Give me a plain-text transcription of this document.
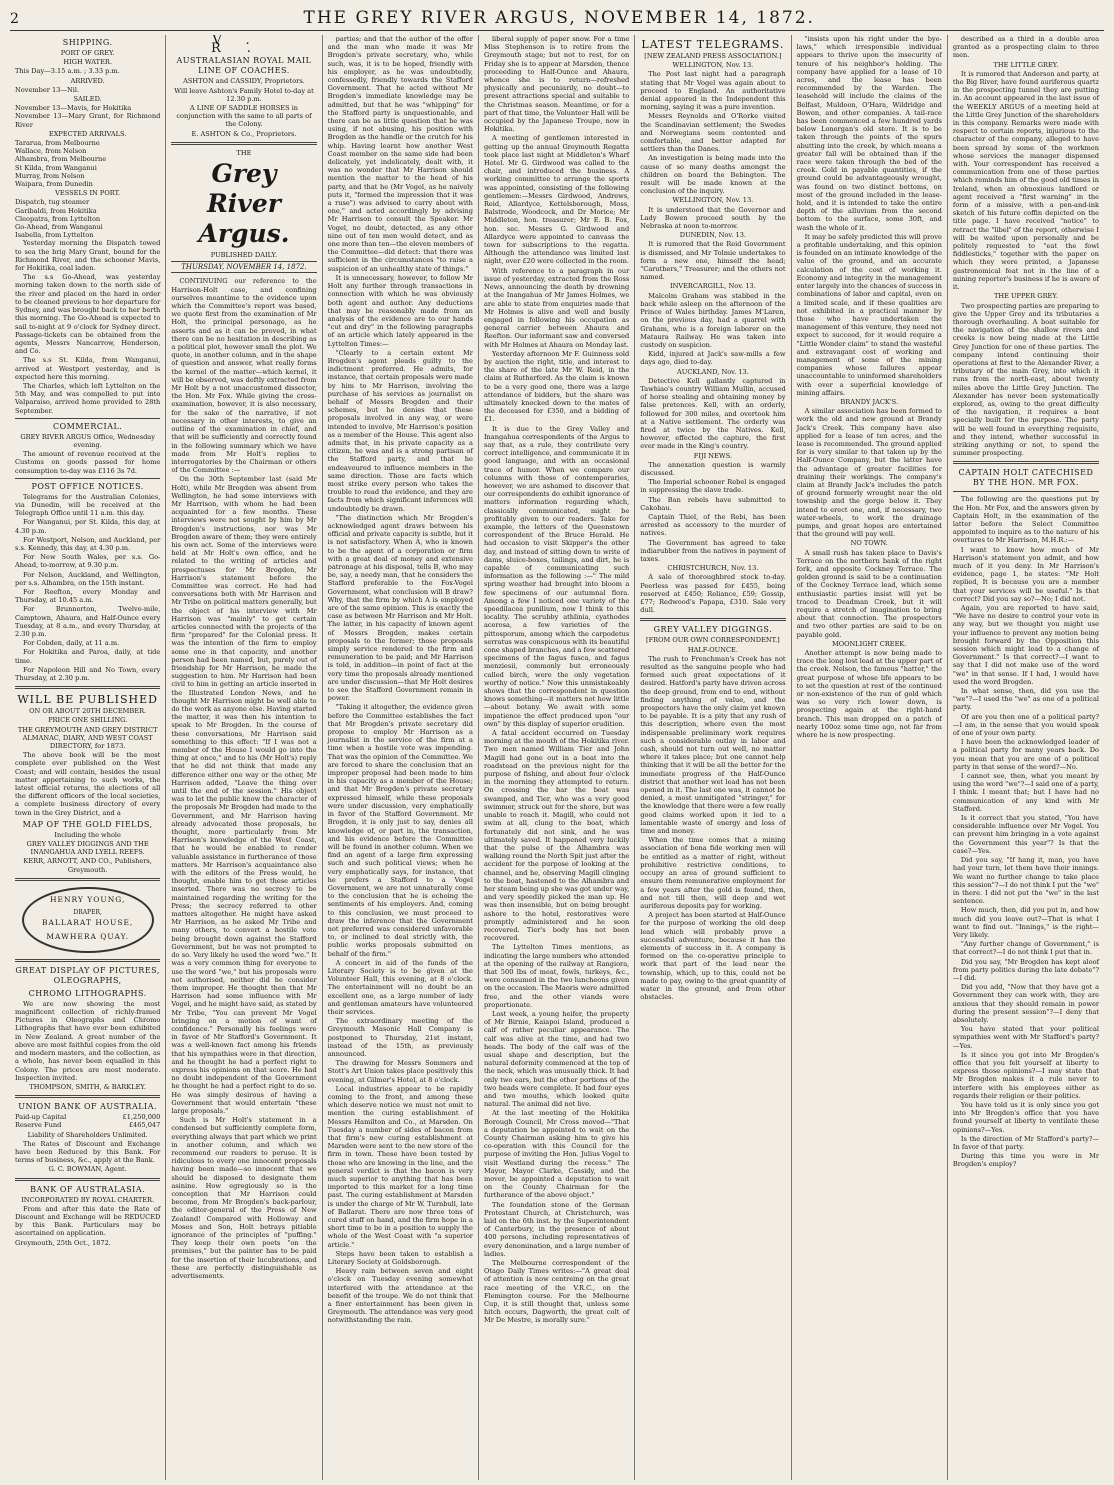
2	THE GREY RIVER ARGUS, NOVEMBER 14, 1872.

SHIPPING.
PORT OF GREY.
HIGH WATER.
This Day—3.15 a.m. ; 3.33 p.m.
ARRIVED.
November 13—Nil.
SAILED.
November 13—Mavis, for Hokitika
November 13—Mary Grant, for Richmond River
EXPECTED ARRIVALS.
Tararua, from Melbourne
Wallace, from Nelson
Alhambra, from Melbourne
St Kilda, from Wanganui
Murray, from Nelson
Waipara, from Dunedin
VESSELS IN PORT.
Dispatch, tug steamer
Garibaldi, from Hokitika
Cleopatra, from Lyttelton
Go-Ahead, from Wanganui
Isabella, from Lyttelton

Yesterday morning the Dispatch towed to sea the brig Mary Grant, bound for the Richmond River, and the schooner Mavis, for Hokitika, coal laden.

The s.s Go-Ahead, was yesterday morning taken down to the north side of the river and placed on the hard in order to be cleaned previous to her departure for Sydney, and was brought back to her berth this morning. The Go-Ahead is expected to sail to-night at 9 o'clock for Sydney direct. Passage-tickets can be obtained from the agents, Messrs Nancarrow, Henderson, and Co.

The s.s St. Kilda, from Wanganui, arrived at Westport yesterday, and is expected here this morning.

The Charles, which left Lyttelton on the 5th May, and was compelled to put into Valparaiso, arrived home provided to 28th September.

COMMERCIAL.
GREY RIVER ARGUS Office, Wednesday evening.

The amount of revenue received at the Customs on goods passed for home consumption to-day was £116 3s 7d.

POST OFFICE NOTICES.

Telegrams for the Australian Colonies, via Dunedin, will be received at the Telegraph Office until 11 a.m. this day.

For Wanganui, per St. Kilda, this day, at 4.30 p.m.

For Westport, Nelson, and Auckland, per s.s. Kennedy, this day, at 4.30 p.m.

For New South Wales, per s.s. Go-Ahead, to-morrow, at 9.30 p.m.

For Nelson, Auckland, and Wellington, per s.s. Alhambra, on the 15th instant.

For Reefton, every Monday and Thursday, at 10.45 a.m.

For Brunnerton, Twelve-mile, Camptown, Ahaura, and Half-Ounce every Tuesday, at 8 a.m., and every Thursday, at 2.30 p.m.

For Cobden, daily, at 11 a.m.

For Hokitika and Paroa, daily, at tide time.

For Napoleon Hill and No Town, every Thursday, at 2.30 p.m.

WILL BE PUBLISHED
ON OR ABOUT 20TH DECEMBER.
PRICE ONE SHILLING.
THE GREYMOUTH AND GREY DISTRICT ALMANAC, DIARY, AND WEST COAST DIRECTORY, for 1873.

The above book will be the most complete ever published on the West Coast; and will contain, besides the usual matter appertaining to such works, the latest official returns, the elections of all the different officers of the local societies, a complete business directory of every town in the Grey District, and a

MAP OF THE GOLD FIELDS,
Including the whole
GREY VALLEY DIGGINGS AND THE INANGAHUA AND LYELL REEFS.
KERR, ARNOTT, AND CO., Publishers, Greymouth.
HENRY YOUNG,
DRAPER,
BALLARAT HOUSE,
MAWHERA QUAY.
GREAT DISPLAY OF PICTURES, OLEOGRAPHS,
CHROMO LITHOGRAPHS.

We are now showing the most magnificent collection of richly-framed Pictures in Oleographs and Chromo Lithographs that have ever been exhibited in New Zealand. A great number of the above are most faithful copies from the old and modern masters, and the collection, as a whole, has never been equalled in this Colony. The prices are most moderate. Inspection invited.

THOMPSON, SMITH, & BARKLEY.
UNION BANK OF AUSTRALIA.
Paid-up Capital	£1,250,000
Reserve Fund	£465,047
Liability of Shareholders Unlimited.

The Rates of Discount and Exchange have been Reduced by this Bank. For terms of business, &c., apply at the Bank.

G. C. BOWMAN, Agent.
BANK OF AUSTRALASIA.
INCORPORATED BY ROYAL CHARTER.

From and after this date the Rate of Discount and Exchange will be REDUCED by this Bank. Particulars may be ascertained on application.

Greymouth, 25th Oct., 1872.
V. R.
AUSTRALASIAN ROYAL MAIL LINE OF COACHES.
ASHTON and CASSIDY, Proprietors.
Will leave Ashton's Family Hotel to-day at 12.30 p.m.
A LINE OF SADDLE HORSES in conjunction with the same to all parts of the Colony.
E. ASHTON & Co., Proprietors.
THE
Grey River Argus.
PUBLISHED DAILY.
THURSDAY, NOVEMBER 14, 1872.

CONTINUING our reference to the Harrison-Holt case, and confining ourselves meantime to the evidence upon which the Committee's report was based, we quote first from the examination of Mr Holt, the principal personage, as he asserts and as it can be proved, in what there can be no hesitation in describing as a political plot, however small the plot. We quote, in another column, and in the shape of question and answer, what really forms the kernel of the matter—which kernel, it will be observed, was deftly extracted from Mr Holt by a not unaccustomed dissector, the Hon. Mr Fox. While giving the cross-examination, however, it is also necessary, for the sake of the narrative, if not necessary in other interests, to give an outline of the examination in chief, and that will be sufficiently and correctly found in the following summary which we have made from Mr Holt's replies to interrogatories by the Chairman or others of the Committee :—

On the 30th September last (said Mr Holt), while Mr Brogden was absent from Wellington, he had some interviews with Mr Harrison, with whom he had been acquainted for a few months. These interviews were not sought by him by Mr Brogden's instructions, nor was Mr Brogden aware of them; they were entirely his own act. Some of the interviews were held at Mr Holt's own office, and he related to the writing of articles and prospectuses for Mr Brogden, Mr Harrison's statement before the Committee was correct. He had had conversations both with Mr Harrison and Mr Tribe on political matters generally, but the object of his interview with Mr Harrison was "mainly" to get certain articles connected with the projects of the firm "prepared" for the Colonial press. It was the intention of the firm to employ some one in that capacity, and another person had been named, but, purely out of friendship for Mr Harrison, he made the suggestion to him. Mr Harrison had been civil to him in getting an article inserted in the Illustrated London News, and he thought Mr Harrison might be well able to do the work as anyone else. Having started the matter, it was then his intention to speak to Mr Brogden. In the course of these conversations, Mr Harrison said something to this effect: "If I was not a member of the House I would go into the thing at once," and to his (Mr Holt's) reply that he did not think that made any difference either one way or the other, Mr Harrison added, "Leave the thing over until the end of the session." His object was to let the public know the character of the proposals Mr Brogden had made to the Government, and Mr Harrison having already advocated those proposals, he thought, more particularly from Mr Harrison's knowledge of the West Coast, that he would be enabled to render valuable assistance in furtherance of those matters. Mr Harrison's acquaintance also with the editors of the Press would, he thought, enable him to get these articles inserted. There was no secrecy to be maintained regarding the writing for the Press; the secrecy referred to other matters altogether. He might have asked Mr Harrison, as he asked Mr Tribe and many others, to convert a hostile vote being brought down against the Stafford Government, but he was not prompted to do so. Very likely he used the word "we." It was a very common thing for everyone to use the word "we," but his proposals were not authorised, neither did he consider them improper. He thought then that Mr Harrison had some influence with Mr Vogel, and he might have said, as stated by Mr Tribe, "You can prevent Mr Vogel bringing on a motion of want of confidence." Personally his feelings were in favor of Mr Stafford's Government. It was a well-known fact among his friends that his sympathies were in that direction, and he thought he had a perfect right to express his opinions on that score. He had no doubt independent of the Government he thought he had a perfect right to do so. He was simply desirous of having a Government that would entertain "these large proposals."

Such is Mr Holt's statement in a condensed but sufficiently complete form, everything always that part which we print in another column, and which we recommend our readers to peruse. It is ridiculous to every one innocent proposals having been made—so innocent that we should be disposed to designate them asinine. How egregiously so is the conception that Mr Harrison could become, from Mr Brogden's back-parlour, the editor-general of the Press of New Zealand! Compared with Holloway and Moses and Son, Holt betrays pitiable ignorance of the principles of "puffing." They keep their own poets "on the premises," but the painter has to be paid for the insertion of their lucubrations, and these are perfectly distinguishable as advertisements.

parties; and that the author of the offer and the man who made it was Mr Brogden's private secretary, who, while such, was, it is to be hoped, friendly with his employer, as he was undoubtedly, confessedly, friendly towards the Stafford Government. That he acted without Mr Brogden's immediate knowledge may be admitted, but that he was "whipping" for the Stafford party is unquestionable, and there can be as little question that he was using, if not abusing, his position with Brogden as the handle or the crutch for his whip. Having learnt how another West Coast member on the same side had been delicately, yet indelicately, dealt with, it was no wonder that Mr Harrison should mention the matter to the head of his party, and that he (Mr Vogel, as he naively puts it, "formed the impression that it was a ruse") was advised to carry about with one," and acted accordingly by advising Mr Harrison to consult the Speaker. Mr Vogel, no doubt, detected, as any other nine out of ten men would detect, and as one more than ten—the eleven members of the Committee—did detect: that there was sufficient in the circumstances "to raise a suspicion of an unhealthy state of things."

It is unnecessary, however, to follow Mr Holt any further through transactions in connection with which he was obviously both agent and author. Any deductions that may be reasonably made from an analysis of the evidence are to our hands "cut and dry" in the following paragraphs of an article which lately appeared in the Lyttelton Times:—

"Clearly to a certain extent Mr Brogden's agent pleads guilty to the indictment preferred. He admits, for instance, that certain proposals were made by him to Mr Harrison, involving the purchase of his services as journalist on behalf of Messrs Brogden and their schemes, but he denies that these proposals involved in any way, or were intended to involve, Mr Harrison's position as a member of the House. This agent also admits that, in his private capacity as a citizen, he was and is a strong partisan of the Stafford party, and that he endeavoured to influence members in the same direction. Those are facts which most strike every person who takes the trouble to read the evidence, and they are facts from which significant inferences will undoubtedly be drawn.

"The distinction which Mr Brogden's acknowledged agent draws between his official and private capacity is subtle, but it is not satisfactory. When A, who is known to be the agent of a corporation or firm with a great deal of money and extensive patronage at his disposal, tells B, who may be, say, a needy man, that he considers the Stafford preferable to the Fox-Vogel Government, what conclusion will B draw? Why, that the firm by which A is employed are of the same opinion. This is exactly the case as between Mr Harrison and Mr Holt. The latter, in his capacity of known agent of Messrs Brogden, makes certain proposals to the former; those proposals simply service rendered to the firm and remuneration to be paid; and Mr Harrison is told, in addition—in point of fact at the very time the proposals already mentioned are under discussion—that Mr Holt desires to see the Stafford Government remain in power.

"Taking it altogether, the evidence given before the Committee establishes the fact that Mr Brogden's private secretary did propose to employ Mr Harrison as a journalist in the service of the firm at a time when a hostile vote was impending. That was the opinion of the Committee. We are forced to share the conclusion that an improper proposal had been made to him in his capacity as a member of the House; and that Mr Brogden's private secretary expressed himself, while these proposals were under discussion, very emphatically in favor of the Stafford Government. Mr Brogden, it is only just to say, denies all knowledge of, or part in, the transaction, and his evidence before the Committee will be found in another column. When we find an agent of a large firm expressing such and such political views; when he very emphatically says, for instance, that he prefers a Stafford to a Vogel Government, we are not unnaturally come to the conclusion that he is echoing the sentiments of his employers. And, coming to this conclusion, we must proceed to draw the inference that the Government not preferred was considered unfavorable to, or inclined to deal strictly with, the public works proposals submitted on behalf of the firm."

A concert in aid of the funds of the Literary Society is to be given at the Volunteer Hall, this evening, at 8 o'clock. The entertainment will no doubt be an excellent one, as a large number of lady and gentleman amateurs have volunteered their services.

The extraordinary meeting of the Greymouth Masonic Hall Company is postponed to Thursday, 21st instant, instead of the 15th, as previously announced.

The drawing for Messrs Sommers and Stott's Art Union takes place positively this evening, at Gilmer's Hotel, at 8 o'clock.

Local industries appear to be rapidly coming to the front, and among these which deserve notice we must not omit to mention the curing establishment of Messrs Hamilton and Co., at Marsden. On Tuesday a number of sides of bacon from that firm's new curing establishment at Marsden were sent to the new store of the firm in town. These have been tested by those who are knowing in the line, and the general verdict is that the bacon is very much superior to anything that has been imported to this market for a long time past. The curing establishment at Marsden is under the charge of Mr W. Turnbull, late of Ballarat. There are now three tons of cured stuff on hand, and the firm hope in a short time to be in a position to supply the whole of the West Coast with "a superior article."

Steps have been taken to establish a Literary Society at Goldsborough.

Heavy rain between seven and eight o'clock on Tuesday evening somewhat interfered with the attendance at the benefit of the troupe. We do not think that a finer entertainment has been given in Greymouth. The attendance was very good notwithstanding the rain.

liberal supply of paper snow. For a time Miss Stephenson is to retire from the Greymouth stage; but not to rest, for on Friday she is to appear at Marsden, thence proceeding to Half-Ounce and Ahaura, whence she is to return—refreshed physically and pecuniarily, no doubt—to present attractions special and suitable to the Christmas season. Meantime, or for a part of that time, the Volunteer Hall will be occupied by the Japanese Troupe, now in Hokitika.

A meeting of gentlemen interested in getting up the annual Greymouth Regatta took place last night at Middleton's Wharf Hotel. Mr G. Girdwood was called to the chair, and introduced the business. A working committee to arrange the sports was appointed, consisting of the following gentlemen:—Messrs Girdwood, Andrews, Reid, Allardyce, Kettelsborough, Moss, Balstrode, Woodcock, and Dr Morice; Mr Middleton, hon. treasurer; Mr E. B. Fox, hon. sec. Messrs G. Girdwood and Allardyce were appointed to canvass the town for subscriptions to the regatta. Although the attendance was limited last night, over £20 were collected in the room.

With reference to a paragraph in our issue of yesterday, extracted from the Ross News, announcing the death by drowning at the Inangahua of Mr James Holmes, we are able to state from enquiries made that Mr Holmes is alive and well and busily engaged in following his occupation as general carrier between Ahaura and Reefton. Our informant saw and conversed with Mr Holmes at Ahaura on Monday last.

Yesterday afternoon Mr F. Guinness sold by auction the right, title, and interest to the share of the late Mr W. Reid, in the claim at Rutherford. As the claim is known to be a very good one, there was a large attendance of bidders, but the share was ultimately knocked down to the mates of the deceased for £350, and a bidding of £1.

It is due to the Grey Valley and Inangahua correspondents of the Argus to say that, as a rule, they contribute very correct intelligence, and communicate it in good language, and with an occasional trace of humor. When we compare our columns with those of contemporaries, however, we are ashamed to discover that our correspondents do exhibit ignorance of matters information regarding which, classically communicated, might be profitably given to our readers. Take for example, the letters of the Queenstown correspondent of the Bruce Herald. He had occasion to visit Skipper's the other day, and instead of sitting down to write of dams, sluice-boxes, tailings, and dirt, he is capable of communicating such information as the following :—" The mild spring weather had brought into bloom a few specimens of our autumnal flora. Among a few I noticed one variety of the speedilacea punilium, now I think to this locality. The scrubby athlinia, cyathodes acerosa, a few varieties of the pittosporum, among which the carpodetus serratus was conspicuous with its beautiful cone shaped branches, and a few scattered specimens of the fagus fusca, and fagus menziesii, commonly but erroneously called birch, were the only vegetation worthy of notice." Now this unmistakeably shows that the correspondent in question knows something—it matters not how little—about botany. We await with some impatience the effect produced upon "our own" by this display of superior erudition.

A fatal accident occurred on Tuesday morning at the mouth of the Hokitika river. Two men named William Tier and John Magill had gone out in a boat into the roadstead on the previous night for the purpose of fishing, and about four o'clock in the morning they attempted to return. On crossing the bar the boat was swamped, and Tier, who was a very good swimmer, struck out for the shore, but was unable to reach it. Magill, who could not swim at all, clung to the boat, which fortunately did not sink, and he was ultimately saved. It happened very luckily that the pulse of the Alhambra was walking round the North Spit just after the accident for the purpose of looking at the channel, and he, observing Magill clinging to the boat, hastened to the Alhambra and her steam being up she was got under way, and very speedily picked the man up. He was then insensible, but on being brought ashore to the hotel, restoratives were promptly administered and he soon recovered. Tier's body has not been recovered.

The Lyttelton Times mentions, as indicating the large numbers who attended at the opening of the railway at Rangiora, that 500 lbs of meat, fowls, turkeys, &c., were consumed in the two luncheons given on the occasion. The Maoris were admitted free, and the other viands were proportionate.

Lost week, a young heifer, the property of Mr Birnie, Kaiapoi Island, produced a calf of rather peculiar appearance. The calf was alive at the time, and had two heads. The body of the calf was of the usual shape and description, but the natural deformity commenced at the top of the neck, which was unusually thick. It had only two ears, but the other portions of the two heads were complete. It had four eyes and two mouths, which looked quite natural. The animal did not live.

At the last meeting of the Hokitika Borough Council, Mr Cross moved—"That a deputation be appointed to wait on the County Chairman asking him to give his co-operation with this Council for the purpose of inviting the Hon. Julius Vogel to visit Westland during the recess." The Mayor, Mayor Clarke, Cassidy, and the mover, be appointed a deputation to wait on the County Chairman for the furtherance of the above object."

The foundation stone of the German Protestant Church, at Christchurch, was laid on the 6th inst. by the Superintendent of Canterbury, in the presence of about 400 persons, including representatives of every denomination, and a large number of ladies.

The Melbourne correspondent of the Otago Daily Times writes:—"A great deal of attention is now centreing on the great race meeting of the V.R.C., on the Flemington course. For the Melbourne Cup, it is still thought that, unless some hitch occurs, Dagworth, the great colt of Mr De Mestre, is morally sure."

LATEST TELEGRAMS.
[NEW ZEALAND PRESS ASSOCIATION.]
WELLINGTON, Nov. 13.

The Post last night had a paragraph stating that Mr Vogel was again about to proceed to England. An authoritative denial appeared in the Independent this morning, saying it was a pure invention.

Messrs Reynolds and O'Rorke visited the Scandinavian settlement; the Swedes and Norwegians seem contented and comfortable, and better adapted for settlers than the Danes.

An investigation is being made into the cause of so many deaths amongst the children on board the Bebington. The result will be made known at the conclusion of the inquiry.

WELLINGTON, Nov. 13.

It is understood that the Governor and Lady Bowen proceed south by the Nebraska at noon to-morrow.

DUNEDIN, Nov. 13.

It is rumored that the Reid Government is dismissed, and Mr Tolmie undertakes to form a new one, himself the head; "Caruthers," Treasurer; and the others not named.

INVERCARGILL, Nov. 13.

Malcolm Graham was stabbed in the back while asleep on the afternoon of the Prince of Wales birthday. James M'Laren, on the previous day, had a quarrel with Graham, who is a foreign laborer on the Mataura Railway. He was taken into custody on suspicion.

Kidd, injured at Jack's saw-mills a few days ago, died to-day.

AUCKLAND, Nov. 13.

Detective Kell gallantly captured in Tawhiao's country William Mullin, accused of horse stealing and obtaining money by false pretences. Kell, with an orderly, followed for 300 miles, and overtook him at a Native settlement. The orderly was fired at twice by the Natives. Kell, however, effected the capture, the first ever made in the King's country.

FIJI NEWS.

The annexation question is warmly discussed.

The Imperial schooner Rebel is engaged in suppressing the slave trade.

The Ban rebels have submitted to Cakobau.

Captain Thiel, of the Rebi, has been arrested as accessory to the murder of natives.

The Government has agreed to take indiarubber from the natives in payment of taxes.

CHRISTCHURCH, Nov. 13.

A sale of thoroughbred stock to-day. Peerless was passed for £455, being reserved at £450; Reliance, £59; Gossip, £77; Redwood's Papapa, £310. Sale very dull.

GREY VALLEY DIGGINGS.
[FROM OUR OWN CORRESPONDENT.]
HALF-OUNCE.

The rush to Frenchman's Creek has not resulted as the sanguine people who had formed such great expectations of it desired. Hatford's party have driven across the deep ground, from end to end, without finding anything of value, and the prospectors have the only claim yet known to be payable. It is a pity that any rush of this description, where even the most indispensable preliminary work requires such a considerable outlay in labor and cash, should not turn out well, no matter where it takes place; but one cannot help thinking that it will be all the better for the immediate progress of the Half-Ounce district that another wet lead has not been opened in it. The last one was, it cannot be denied, a most unmitigated "stringer," for the knowledge that there were a few really good claims worked upon it led to a lamentable waste of energy and loss of time and money.

When the time comes that a mining association of bona fide working men will be entitled as a matter of right, without prohibitive restrictive conditions, to occupy an area of ground sufficient to ensure them remunerative employment for a few years after the gold is found, then, and not till then, will deep and wet auriferous deposits pay for working.

A project has been started at Half-Ounce for the purpose of working the old deep lead which will probably prove a successful adventure, because it has the elements of success in it. A company is formed on the co-operative principle to work that part of the lead near the township, which, up to this, could not be made to pay, owing to the great quantity of water in the ground, and from other obstacles.

"insists upon his right under the bye-laws," which irresponsible individual appears to thrive upon the insecurity of tenure of his neighbor's holding. The company have applied for a lease of 10 acres, and the lease has been recommended by the Warden. The leasehold will include the claims of the Belfast, Muldoon, O'Hara, Wildridge and Bowen, and other companies. A tail-race has been commenced a few hundred yards below Lonergan's old store. It is to be taken through the points of the spurs abutting into the creek, by which means a greater fall will be obtained than if the race were taken through the bed of the creek. Gold in payable quantities, if the ground could be advantageously wrought, was found on two distinct bottoms, on most of the ground included in the lease-hold, and it is intended to take the entire depth of the alluvium from the second bottom to the surface, some 30ft, and wash the whole of it.

It may be safely predicted this will prove a profitable undertaking, and this opinion is founded on an intimate knowledge of the value of the ground, and an accurate calculation of the cost of working it. Economy and integrity in the management enter largely into the chances of success in combinations of labor and capital, even on a limited scale, and if these qualities are not exhibited in a practical manner by those who have undertaken the management of this venture, they need not expect to succeed, for it would require a "Little Wonder claim" to stand the wasteful and extravagant cost of working and management of some of the mining companies whose failures appear unaccountable to uninformed shareholders with over a superficial knowledge of mining affairs.

BRANDY JACK'S.

A similar association has been formed to work the old and new ground at Brandy Jack's Creek. This company have also applied for a lease of ten acres, and the lease is recommended. The ground applied for is very similar to that taken up by the Half-Ounce Company, but the latter have the advantage of greater facilities for draining their workings. The company's claim at Brandy Jack's includes the patch of ground formerly wrought near the old township and the gorge below it. They intend to erect one, and, if necessary, two water-wheels, to work the drainage pumps, and great hopes are entertained that the ground will pay well.

NO TOWN.

A small rush has taken place to Davis's Terrace on the northern bank of the right fork, and opposite Cockney Terrace. The golden ground is said to be a continuation of the Cockney Terrace lead, which some enthusiastic parties insist will yet be traced to Deadman Creek, but it will require a stretch of imagination to bring about that connection. The prospectors and two other parties are said to be on payable gold.

MOONLIGHT CREEK.

Another attempt is now being made to trace the long lost lead at the upper part of the creek. Nelson, the famous "hatter," the great purpose of whose life appears to be to set the question at rest of the continued or non-existence of the run of gold which was so very rich lower down, is prospecting again at the right-hand branch. This man dropped on a patch of nearly 100oz some time ago, not far from where he is now prospecting.

described as a third in a double area granted as a prospecting claim to three men.

THE LITTLE GREY.

It is rumored that Anderson and party, at the Big River, have found auriferous quartz in the prospecting tunnel they are putting in. An account appeared in the last issue of the WEEKLY ARGUS of a meeting held at the Little Grey Junction of the shareholders in this company. Remarks were made with respect to certain reports, injurious to the character of the company, alleged to have been spread by some of the workmen whose services the manager dispensed with. Your correspondent has received a communication from one of these parties which reminds him of the good old times in Ireland, when an obnoxious landlord or agent received a "first warning" in the form of a missive, with a pen-and-ink sketch of his future coffin depicted on the title page. I have received "notice" to retract the "libel" of the report, otherwise I will be waited upon personally and be politely requested to "eat the fowl fiddlesticks," together with the paper on which they were printed, a Japanese gastronomical feat not in the line of a mining reporter's business if he is aware of it.

THE UPPER GREY.

Two prospecting parties are preparing to give the Upper Grey and its tributaries a thorough overhauling. A boat suitable for the navigation of the shallow rivers and creeks is now being made at the Little Grey Junction for one of these parties. The company intend continuing their operations at first to the Alexander River, a tributary of the main Grey, into which it runs from the north-east, about twenty miles above the Little Grey Junction. The Alexander has never been systematically explored, as, owing to the great difficulty of the navigation, it requires a boat specially built for the purpose. The party will be well found in everything requisite, and they intend, whether successful in striking anything or not, to spend the summer prospecting.

CAPTAIN HOLT CATECHISED BY THE HON. MR FOX.

The following are the questions put by the Hon. Mr Fox, and the answers given by Captain Holt, in the examination of the latter before the Select Committee appointed to inquire as to the nature of his overtures to Mr Harrison, M.H.R.:—

I want to know how much of Mr Harrison's statement you admit, and how much of it you deny. In Mr Harrison's evidence, page 1, he states: "Mr Holt replied, It is because you are a member that your services will be useful." Is that correct? Did you say so?—No; I did not.

Again, you are reported to have said, "We have no desire to control your vote in any way, but we thought you might use your influence to prevent any motion being brought forward by the Opposition this session which might lead to a change of Government." Is that correct?—I want to say that I did not make use of the word "we" in that sense. If I had, I would have used the word Brogden.

In what sense, then, did you use the "we"?—I used the "we" as one of a political party.

Of are you then one of a political party?—I am, in the sense that you would speak of one of your own party.

I have been the acknowledged leader of a political party for many years back. Do you mean that you are one of a political party in that sense of the word?—No.

I cannot see, then, what you meant by using the word "we"?—I said one of a party, I think. I meant that; but I have had no communication of any kind with Mr Stafford.

Is it correct that you stated, "You have considerable influence over Mr Vogel. You can prevent him bringing in a vote against the Government this year"? Is that the case?—Yes.

Did you say, "If hang it, man, you have had your turn, let them have their innings. We want no further change to take place this session"?—I do not think I put the "we" in there. I did not put the "we" in the last sentence.

How much, then, did you put in, and how much did you leave out?—That is what I want to find out. "Innings," is the right—Very likely.

"Any further change of Government," is that correct?—I do not think I put that in.

Did you say, "Mr Brogden has kept aloof from party politics during the late debate"?—I did.

Did you add, "Now that they have got a Government they can work with, they are anxious that they should remain in power during the present session"?—I deny that absolutely.

You have stated that your political sympathies went with Mr Stafford's party?—Yes.

Is it since you got into Mr Brogden's office that you felt yourself at liberty to express those opinions?—I may state that Mr Brogden makes it a rule never to interfere with his employees either as regards their religion or their politics.

You have told us it is only since you got into Mr Brogden's office that you have found yourself at liberty to ventilate these opinions?—Yes.

Is the direction of Mr Stafford's party?—In favor of that party.

During this time you were in Mr Brogden's employ?
